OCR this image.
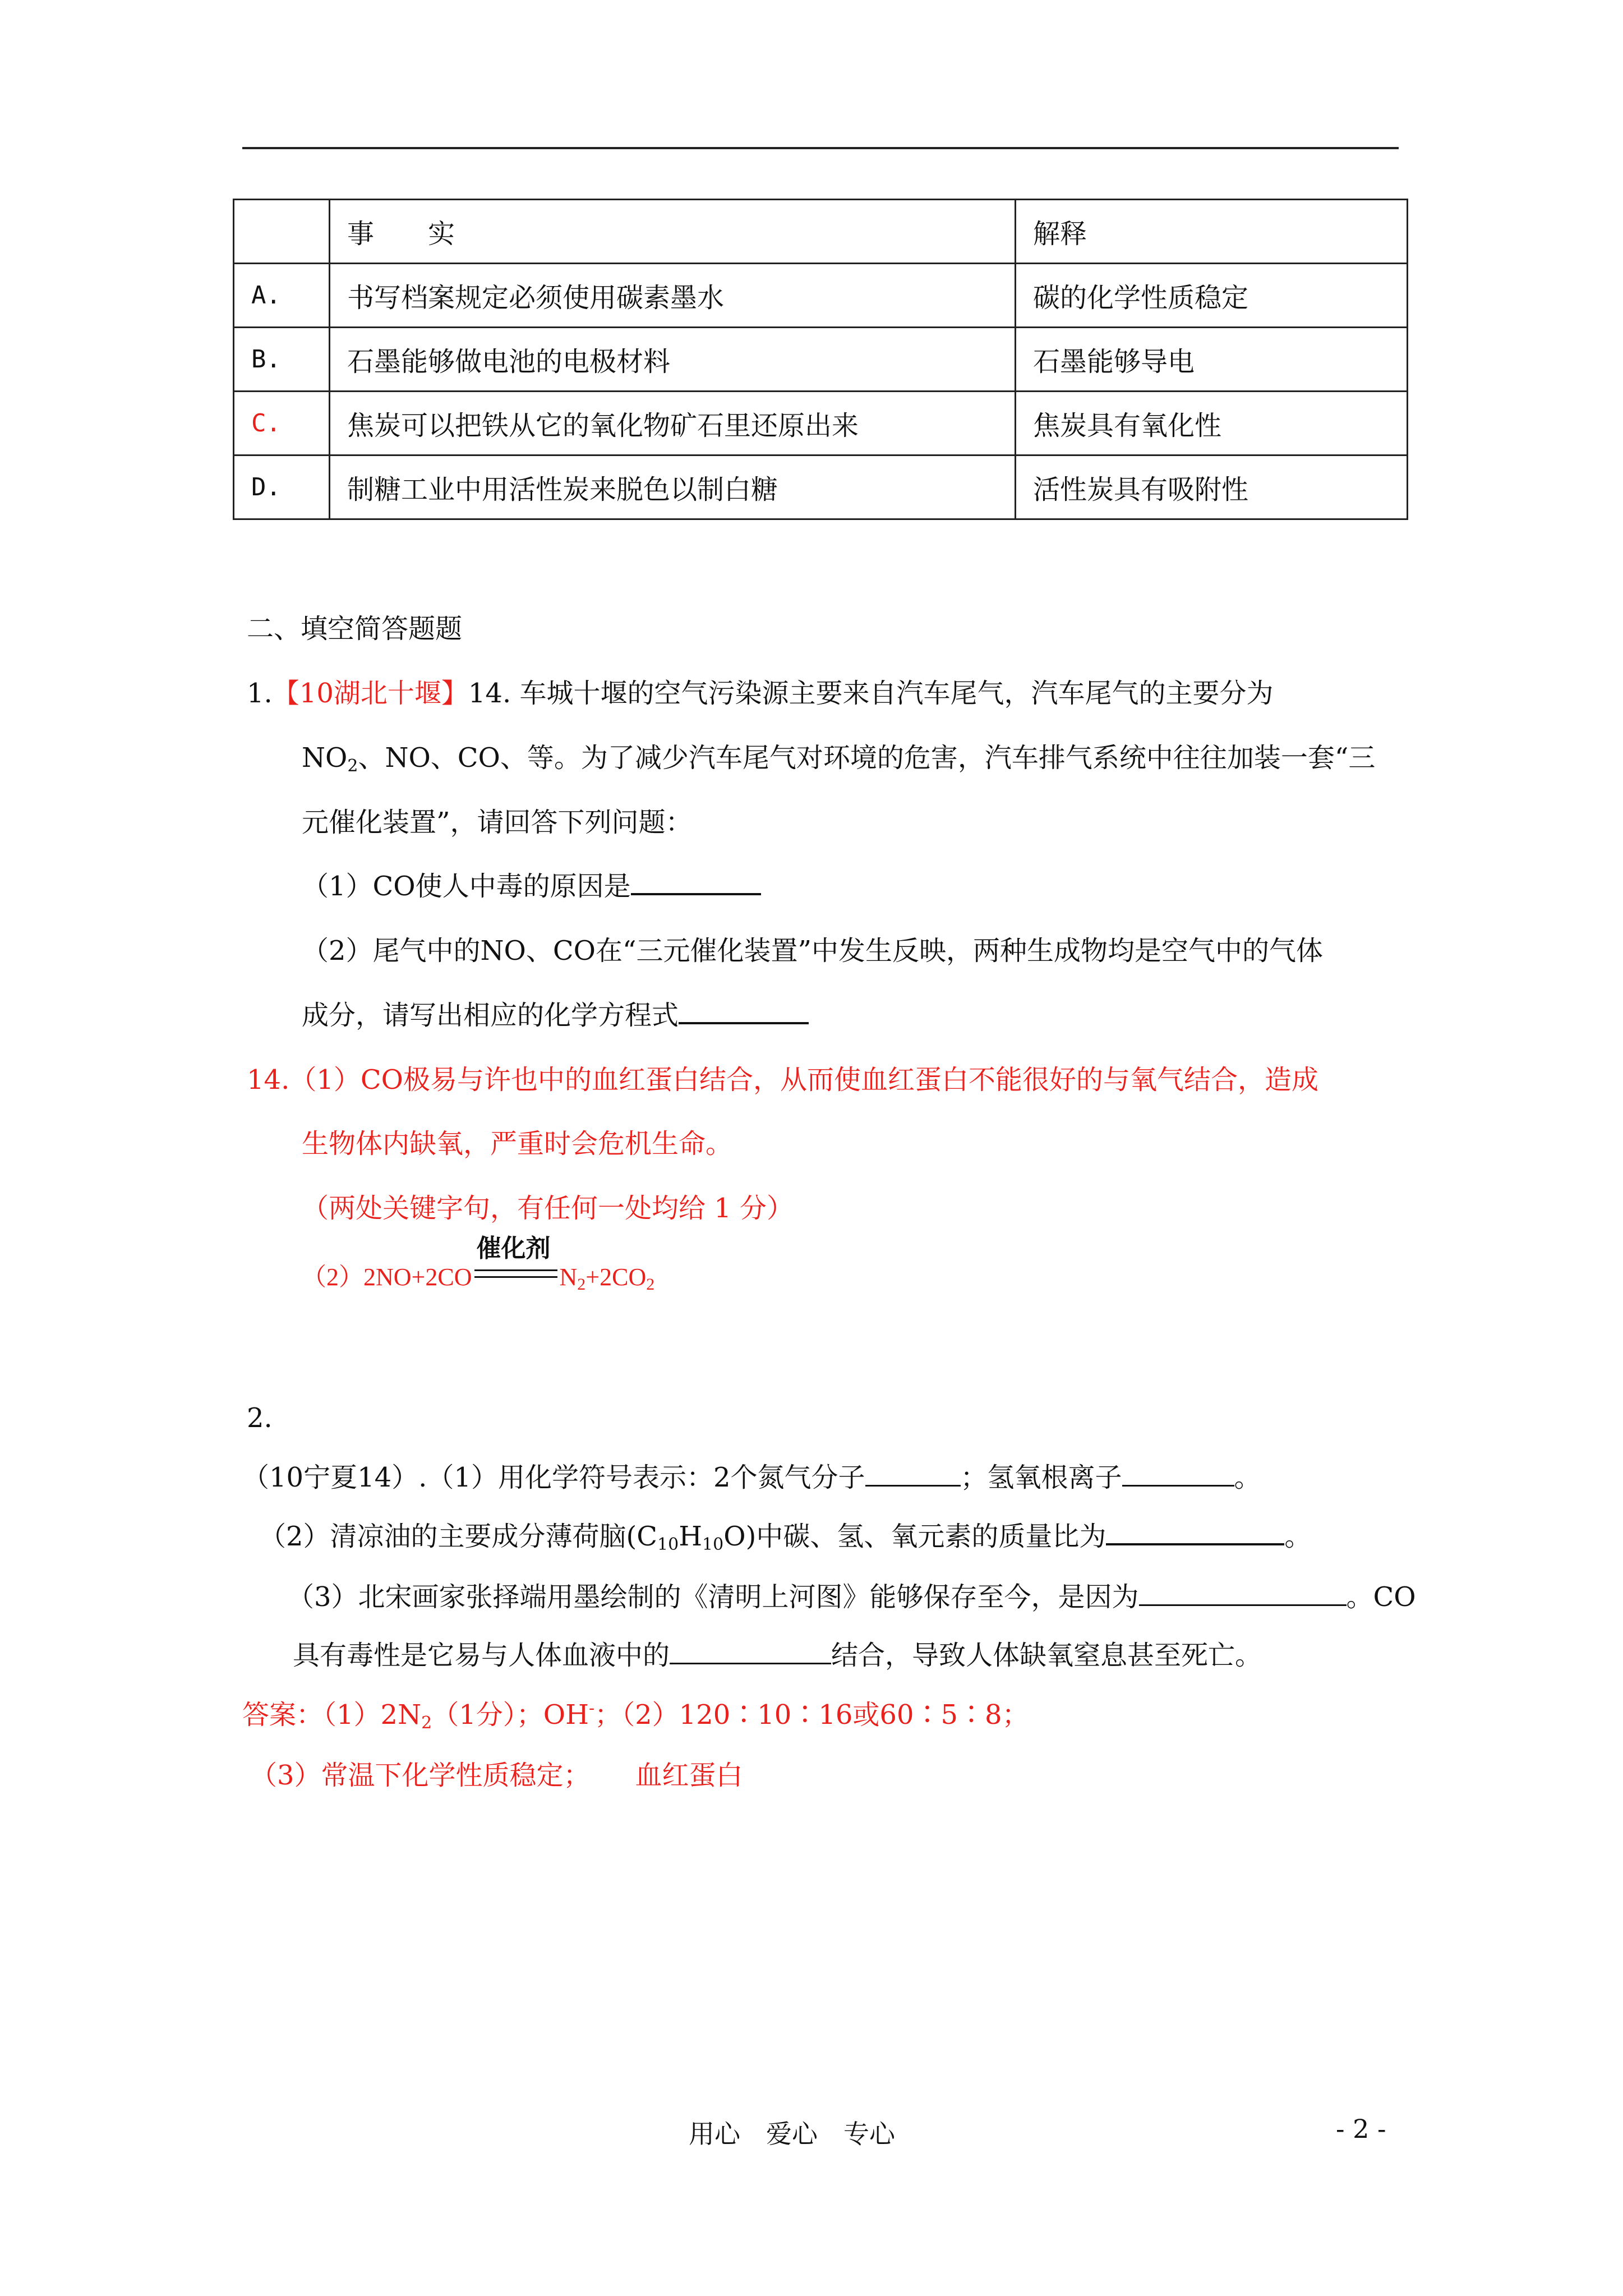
	事　　实	解释
A.	书写档案规定必须使用碳素墨水	碳的化学性质稳定
B.	石墨能够做电池的电极材料	石墨能够导电
C.	焦炭可以把铁从它的氧化物矿石里还原出来	焦炭具有氧化性
D.	制糖工业中用活性炭来脱色以制白糖	活性炭具有吸附性
二、填空简答题题
1.【10湖北十堰】14. 车城十堰的空气污染源主要来自汽车尾气，汽车尾气的主要分为
$NO_2$、NO、CO、等。为了减少汽车尾气对环境的危害，汽车排气系统中往往加装一套“三
元催化装置”，请回答下列问题：
（1）CO使人中毒的原因是
（2）尾气中的NO、CO在“三元催化装置”中发生反映，两种生成物均是空气中的气体
成分，请写出相应的化学方程式
14.（1）CO极易与许也中的血红蛋白结合，从而使血红蛋白不能很好的与氧气结合，造成
生物体内缺氧，严重时会危机生命。
（两处关键字句，有任何一处均给 1 分）
（2）2NO+2CO
催化剂
$N_2+2CO_2$
2.
（10宁夏14）.（1）用化学符号表示：2个氮气分子	；氢氧根离子	。
（2）清凉油的主要成分薄荷脑$(C_{10}H_{10}O)$中碳、氢、氧元素的质量比为	。
（3）北宋画家张择端用墨绘制的《清明上河图》能够保存至今，是因为	。CO
具有毒性是它易与人体血液中的	结合，导致人体缺氧窒息甚至死亡。
答案：$(1)2N_2(1$分）；OH-；（2）120∶10∶16或60∶5∶8；
（3）常温下化学性质稳定； 血红蛋白
用心　爱心　专心	- 2 -
